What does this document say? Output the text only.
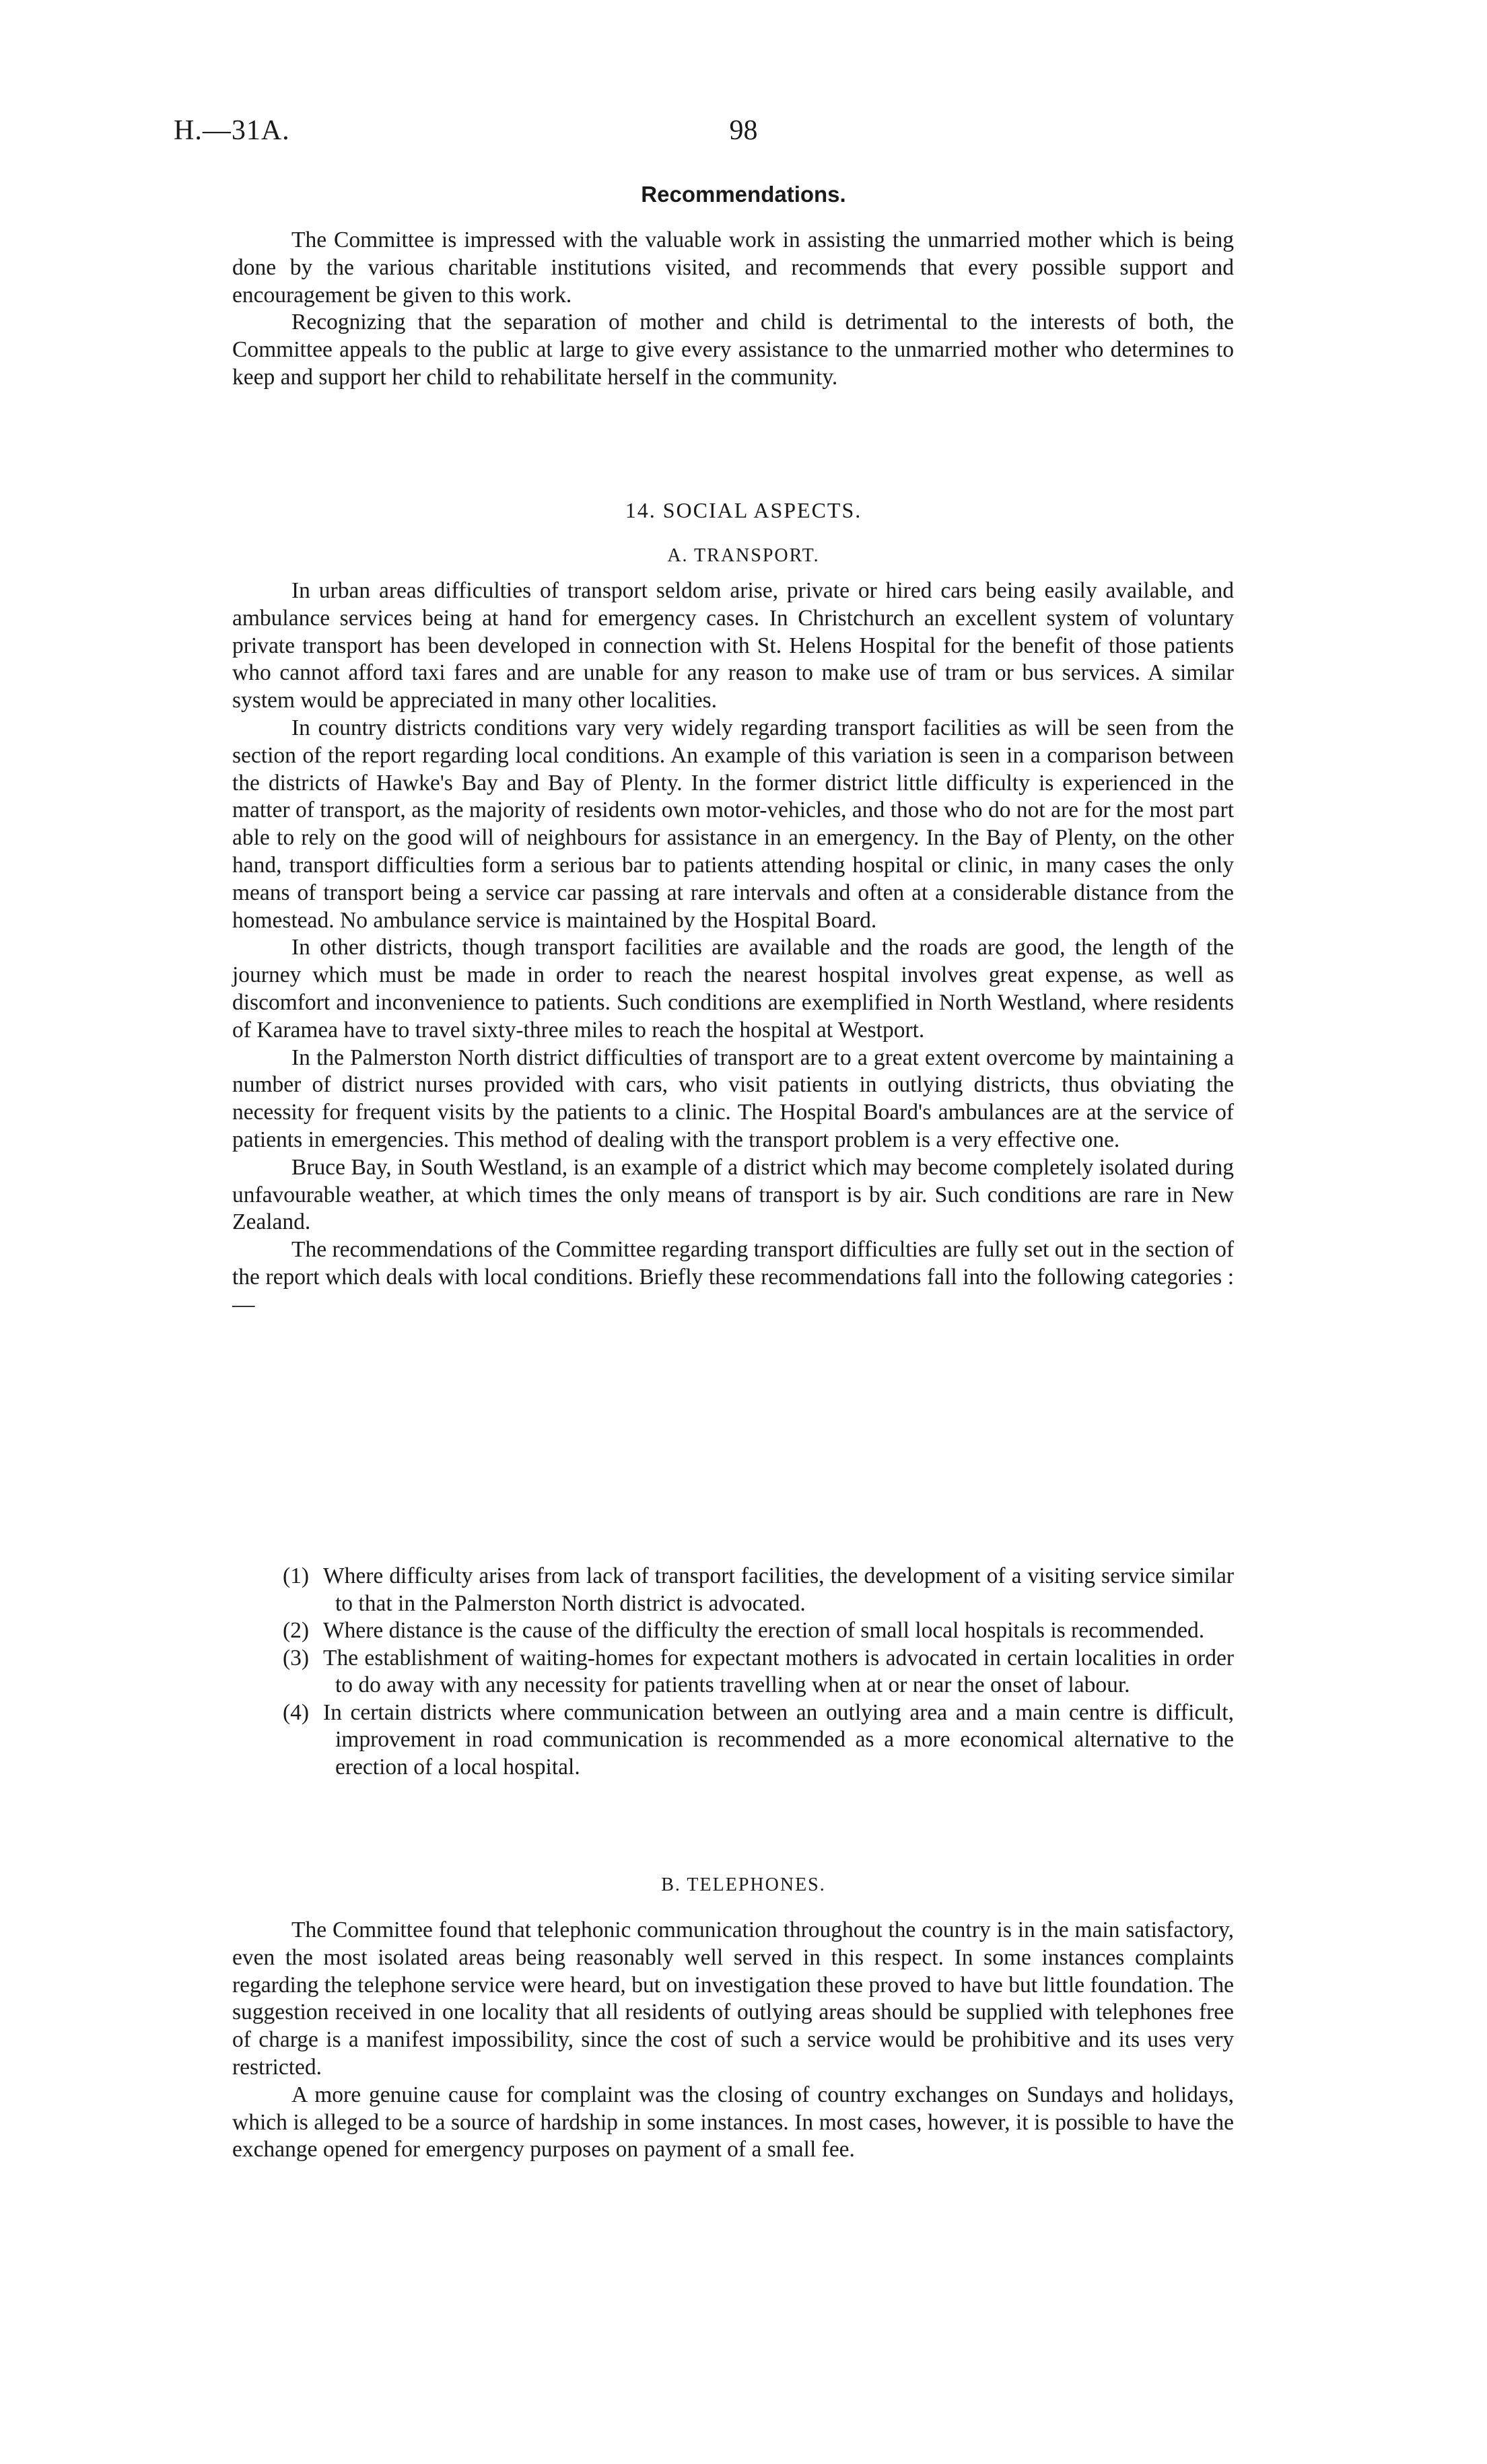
H.—31A.	98
Recommendations.

The Committee is impressed with the valuable work in assisting the unmarried mother which is being done by the various charitable institutions visited, and recommends that every possible support and encouragement be given to this work.

Recognizing that the separation of mother and child is detrimental to the interests of both, the Committee appeals to the public at large to give every assistance to the unmarried mother who determines to keep and support her child to rehabilitate herself in the community.

14. SOCIAL ASPECTS.
A. TRANSPORT.

In urban areas difficulties of transport seldom arise, private or hired cars being easily available, and ambulance services being at hand for emergency cases. In Christchurch an excellent system of voluntary private transport has been developed in connection with St. Helens Hospital for the benefit of those patients who cannot afford taxi fares and are unable for any reason to make use of tram or bus services. A similar system would be appreciated in many other localities.

In country districts conditions vary very widely regarding transport facilities as will be seen from the section of the report regarding local conditions. An example of this variation is seen in a comparison between the districts of Hawke's Bay and Bay of Plenty. In the former district little difficulty is experienced in the matter of transport, as the majority of residents own motor-vehicles, and those who do not are for the most part able to rely on the good will of neighbours for assistance in an emergency. In the Bay of Plenty, on the other hand, transport difficulties form a serious bar to patients attending hospital or clinic, in many cases the only means of transport being a service car passing at rare intervals and often at a considerable distance from the homestead. No ambulance service is maintained by the Hospital Board.

In other districts, though transport facilities are available and the roads are good, the length of the journey which must be made in order to reach the nearest hospital involves great expense, as well as discomfort and inconvenience to patients. Such conditions are exemplified in North Westland, where residents of Karamea have to travel sixty-three miles to reach the hospital at Westport.

In the Palmerston North district difficulties of transport are to a great extent overcome by maintaining a number of district nurses provided with cars, who visit patients in outlying districts, thus obviating the necessity for frequent visits by the patients to a clinic. The Hospital Board's ambulances are at the service of patients in emergencies. This method of dealing with the transport problem is a very effective one.

Bruce Bay, in South Westland, is an example of a district which may become completely isolated during unfavourable weather, at which times the only means of transport is by air. Such conditions are rare in New Zealand.

The recommendations of the Committee regarding transport difficulties are fully set out in the section of the report which deals with local conditions. Briefly these recommendations fall into the following categories :—

(1) Where difficulty arises from lack of transport facilities, the development of a visiting service similar to that in the Palmerston North district is advocated.
(2) Where distance is the cause of the difficulty the erection of small local hospitals is recommended.
(3) The establishment of waiting-homes for expectant mothers is advocated in certain localities in order to do away with any necessity for patients travelling when at or near the onset of labour.
(4) In certain districts where communication between an outlying area and a main centre is difficult, improvement in road communication is recommended as a more economical alternative to the erection of a local hospital.
B. TELEPHONES.

The Committee found that telephonic communication throughout the country is in the main satisfactory, even the most isolated areas being reasonably well served in this respect. In some instances complaints regarding the telephone service were heard, but on investigation these proved to have but little foundation. The suggestion received in one locality that all residents of outlying areas should be supplied with telephones free of charge is a manifest impossibility, since the cost of such a service would be prohibitive and its uses very restricted.

A more genuine cause for complaint was the closing of country exchanges on Sundays and holidays, which is alleged to be a source of hardship in some instances. In most cases, however, it is possible to have the exchange opened for emergency purposes on payment of a small fee.
